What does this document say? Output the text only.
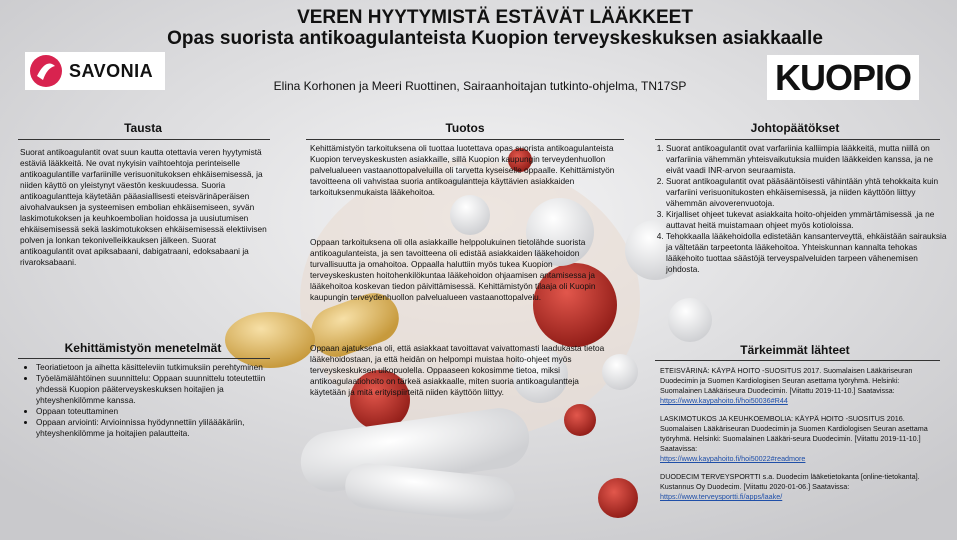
VEREN HYYTYMISTÄ ESTÄVÄT LÄÄKKEET
Opas suorista antikoagulanteista Kuopion terveyskeskuksen asiakkaalle
Elina Korhonen ja Meeri Ruottinen, Sairaanhoitajan tutkinto-ohjelma, TN17SP
SAVONIA	KUOPIO
Tausta
Suorat antikoagulantit ovat suun kautta otettavia veren hyytymistä estäviä lääkkeitä. Ne ovat nykyisin vaihtoehtoja perinteiselle antikoagulantille varfariinille verisuonitukoksen ehkäisemisessä, ja niiden käyttö on yleistynyt väestön keskuudessa. Suoria antikoagulantteja käytetään pääasiallisesti eteisvärinäperäisen aivohalvauksen ja systeemisen embolian ehkäisemiseen, syvän laskimotukoksen ja keuhkoembolian hoidossa ja uusiutumisen ehkäisemisessä sekä laskimotukoksen ehkäisemisessä elektiivisen polven ja lonkan tekonivelleikkauksen jälkeen. Suorat antikoagulantit ovat apiksabaani, dabigatraani, edoksabaani ja rivaroksabaani.
Kehittämistyön menetelmät
• Teoriatietoon ja aihetta käsitteleviin tutkimuksiin perehtyminen
• Työelämälähtöinen suunnittelu: Oppaan suunnittelu toteutettiin yhdessä Kuopion pääterveyskeskuksen hoitajien ja yhteyshenkilömme kanssa.
• Oppaan toteuttaminen
• Oppaan arviointi: Arvioinnissa hyödynnettiin yliläääkäriin, yhteyshenkilömme ja hoitajien palautteita.
Tuotos
Kehittämistyön tarkoituksena oli tuottaa luotettava opas suorista antikoagulanteista Kuopion terveyskeskusten asiakkaille, sillä Kuopion kaupungin terveydenhuollon palvelualueen vastaanottopalveluilla oli tarvetta kyseiselle oppaalle. Kehittämistyön tavoitteena oli vahvistaa suoria antikoagulantteja käyttävien asiakkaiden tarkoituksenmukaista lääkehoitoa.
Oppaan tarkoituksena oli olla asiakkaille helppolukuinen tietolähde suorista antikoagulanteista, ja sen tavoitteena oli edistää asiakkaiden lääkehoidon turvallisuutta ja omahoitoa. Oppaalla haluttiin myös tukea Kuopion terveyskeskusten hoitohenkilökuntaa lääkehoidon ohjaamisen antamisessa ja lääkehoitoa koskevan tiedon päivittämisessä. Kehittämistyön tilaaja oli Kuopin kaupungin terveydenhuollon palvelualueen vastaanottopalvelu.
Oppaan ajatuksena oli, että asiakkaat tavoittavat vaivattomasti laadukasta tietoa lääkehoidostaan, ja että heidän on helpompi muistaa hoito-ohjeet myös terveyskeskuksen ulkopuolella. Oppaaseen kokosimme tietoa, miksi antikoagulaatiohoito on tärkeä asiakkaalle, miten suoria antikoagulantteja käytetään ja mitä erityispiirteitä niiden käyttöön liittyy.
Johtopäätökset
1. Suorat antikoagulantit ovat varfariinia kalliimpia lääkkeitä, mutta niillä on varfariinia vähemmän yhteisvaikutuksia muiden lääkkeiden kanssa, ja ne eivät vaadi INR-arvon seuraamista.
2. Suorat antikoagulantit ovat pääsääntöisesti vähintään yhtä tehokkaita kuin varfariini verisuonitukosten ehkäisemisessä, ja niiden käyttöön liittyy vähemmän aivoverenvuotoja.
3. Kirjalliset ohjeet tukevat asiakkaita hoito-ohjeiden ymmärtämisessä ,ja ne auttavat heitä muistamaan ohjeet myös kotioloissa.
4. Tehokkaalla lääkehoidolla edistetään kansanterveyttä, ehkäistään sairauksia ja vältetään tarpeetonta lääkehoitoa. Yhteiskunnan kannalta tehokas lääkehoito tuottaa säästöjä terveyspalveluiden tarpeen vähenemisen johdosta.
Tärkeimmät lähteet

ETEISVÄRINÄ: KÄYPÄ HOITO -SUOSITUS 2017. Suomalaisen Lääkäriseuran Duodecimin ja Suomen Kardiologisen Seuran asettama työryhmä. Helsinki: Suomalainen Lääkäriseura Duodecimin. [Viitattu 2019-11-10.] Saatavissa:
https://www.kaypahoito.fi/hoi50036#R44

LASKIMOTUKOS JA KEUHKOEMBOLIA: KÄYPÄ HOITO -SUOSITUS 2016. Suomalaisen Lääkäriseuran Duodecimin ja Suomen Kardiologisen Seuran asettama työryhmä. Helsinki: Suomalainen Lääkäri-seura Duodecimin. [Viitattu 2019-11-10.] Saatavissa:
https://www.kaypahoito.fi/hoi50022#readmore

DUODECIM TERVEYSPORTTI s.a. Duodecim lääketietokanta [online-tietokanta]. Kustannus Oy Duodecim. [Viitattu 2020-01-06.] Saatavissa:
https://www.terveysportti.fi/apps/laake/
